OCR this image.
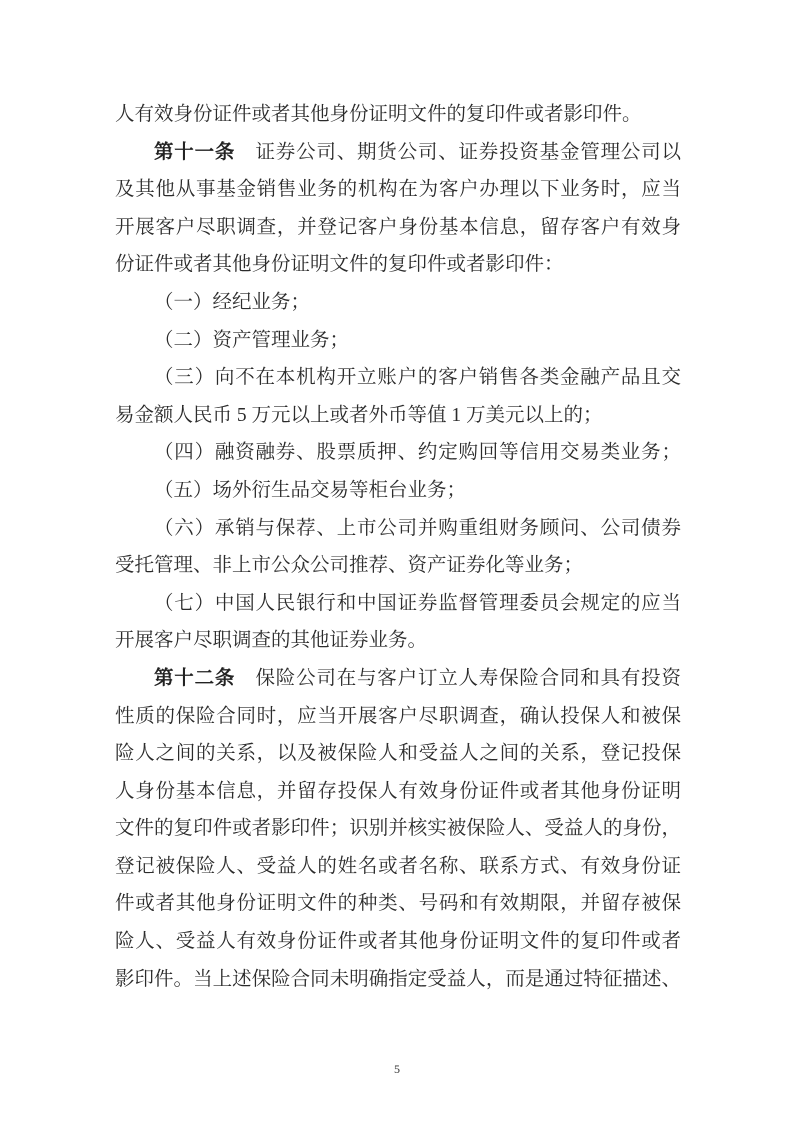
人有效身份证件或者其他身份证明文件的复印件或者影印件。
第十一条　证券公司、期货公司、证券投资基金管理公司以
及其他从事基金销售业务的机构在为客户办理以下业务时，应当
开展客户尽职调查，并登记客户身份基本信息，留存客户有效身
份证件或者其他身份证明文件的复印件或者影印件：
（一）经纪业务；
（二）资产管理业务；
（三）向不在本机构开立账户的客户销售各类金融产品且交
易金额人民币 5 万元以上或者外币等值 1 万美元以上的；
（四）融资融券、股票质押、约定购回等信用交易类业务；
（五）场外衍生品交易等柜台业务；
（六）承销与保荐、上市公司并购重组财务顾问、公司债券
受托管理、非上市公众公司推荐、资产证券化等业务；
（七）中国人民银行和中国证券监督管理委员会规定的应当
开展客户尽职调查的其他证券业务。
第十二条　保险公司在与客户订立人寿保险合同和具有投资
性质的保险合同时，应当开展客户尽职调查，确认投保人和被保
险人之间的关系，以及被保险人和受益人之间的关系，登记投保
人身份基本信息，并留存投保人有效身份证件或者其他身份证明
文件的复印件或者影印件；识别并核实被保险人、受益人的身份，
登记被保险人、受益人的姓名或者名称、联系方式、有效身份证
件或者其他身份证明文件的种类、号码和有效期限，并留存被保
险人、受益人有效身份证件或者其他身份证明文件的复印件或者
影印件。当上述保险合同未明确指定受益人，而是通过特征描述、
5
